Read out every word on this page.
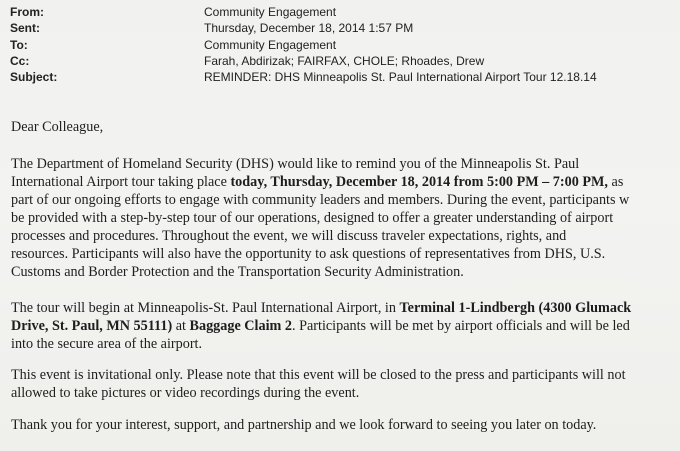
From:	Community Engagement
Sent:	Thursday, December 18, 2014 1:57 PM
To:	Community Engagement
Cc:	Farah, Abdirizak; FAIRFAX, CHOLE; Rhoades, Drew
Subject:	REMINDER: DHS Minneapolis St. Paul International Airport Tour 12.18.14
Dear Colleague,
The Department of Homeland Security (DHS) would like to remind you of the Minneapolis St. Paul
International Airport tour taking place today, Thursday, December 18, 2014 from 5:00 PM – 7:00 PM, as
part of our ongoing efforts to engage with community leaders and members. During the event, participants w
be provided with a step-by-step tour of our operations, designed to offer a greater understanding of airport
processes and procedures. Throughout the event, we will discuss traveler expectations, rights, and
resources. Participants will also have the opportunity to ask questions of representatives from DHS, U.S.
Customs and Border Protection and the Transportation Security Administration.
The tour will begin at Minneapolis-St. Paul International Airport, in Terminal 1-Lindbergh (4300 Glumack
Drive, St. Paul, MN 55111) at Baggage Claim 2. Participants will be met by airport officials and will be led
into the secure area of the airport.
This event is invitational only. Please note that this event will be closed to the press and participants will not
allowed to take pictures or video recordings during the event.
Thank you for your interest, support, and partnership and we look forward to seeing you later on today.
